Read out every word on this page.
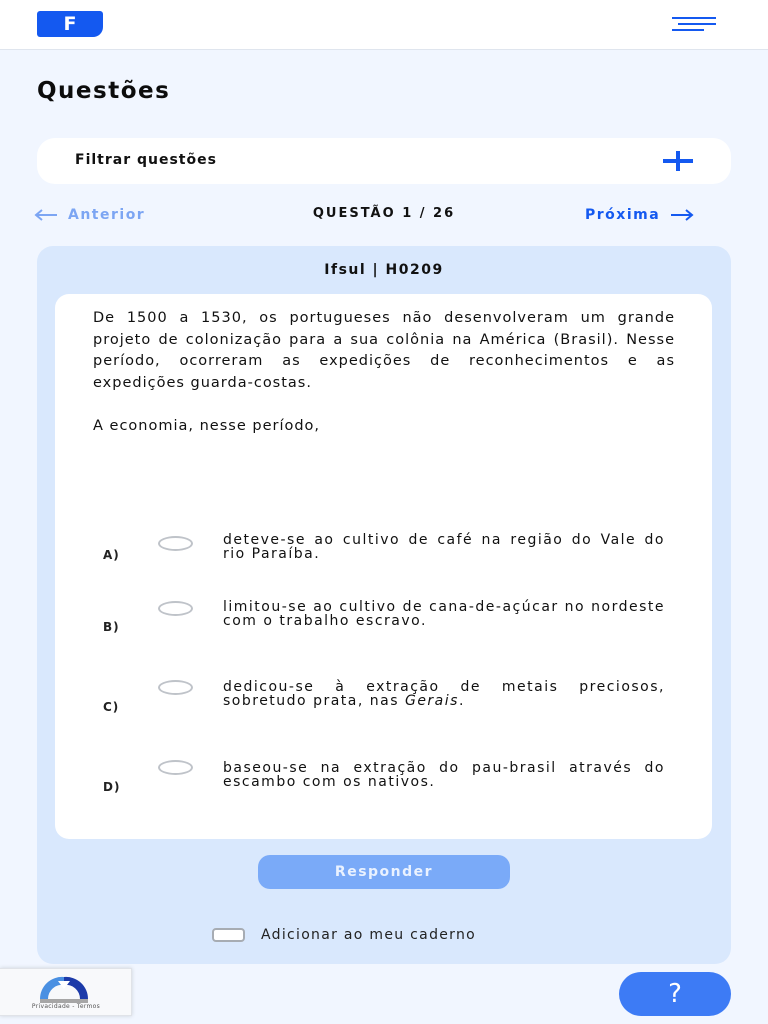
F
Questões
Filtrar questões
Anterior	QUESTÃO 1 / 26	Próxima
Ifsul | H0209

De 1500 a 1530, os portugueses não desenvolveram um grande projeto de colonização para a sua colônia na América (Brasil). Nesse período, ocorreram as expedições de reconhecimentos e as expedições guarda-costas.

A economia, nesse período,

A)
deteve-se ao cultivo de café na região do Vale do rio Paraíba.
B)
limitou-se ao cultivo de cana-de-açúcar no nordeste com o trabalho escravo.
C)
dedicou-se à extração de metais preciosos, sobretudo prata, nas Gerais.
D)
baseou-se na extração do pau-brasil através do escambo com os nativos.
Responder
Adicionar ao meu caderno
Privacidade - Termos	?
